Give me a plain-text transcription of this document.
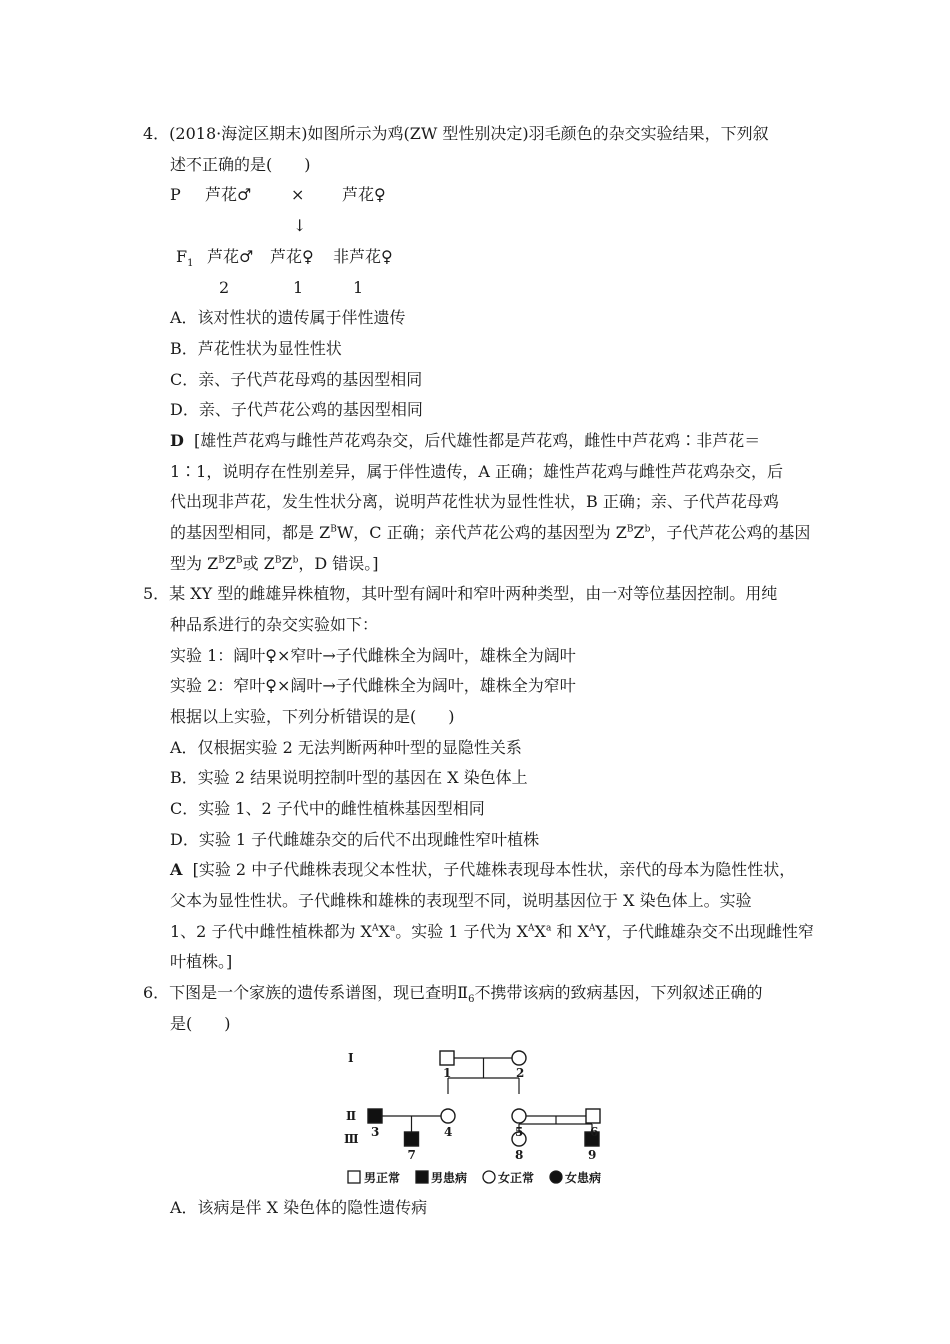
4．(2018·海淀区期末)如图所示为鸡(ZW 型性别决定)羽毛颜色的杂交实验结果，下列叙
述不正确的是(　　)
P 芦花♂ × 芦花♀
↓
$F_1$ 芦花♂ 芦花♀ 非芦花♀
2	1	1
A．该对性状的遗传属于伴性遗传
B．芦花性状为显性性状
C．亲、子代芦花母鸡的基因型相同
D．亲、子代芦花公鸡的基因型相同
D [雄性芦花鸡与雌性芦花鸡杂交，后代雄性都是芦花鸡，雌性中芦花鸡∶非芦花＝
1∶1，说明存在性别差异，属于伴性遗传，A 正确；雄性芦花鸡与雌性芦花鸡杂交，后
代出现非芦花，发生性状分离，说明芦花性状为显性性状，B 正确；亲、子代芦花母鸡
的基因型相同，都是 $Z^BW$，C 正确；亲代芦花公鸡的基因型为 $Z^BZ^b$，子代芦花公鸡的基因
型为 $Z^BZ^B$或 $Z^BZ^b$，D 错误。]
5．某 XY 型的雌雄异株植物，其叶型有阔叶和窄叶两种类型，由一对等位基因控制。用纯
种品系进行的杂交实验如下：
实验 1：阔叶♀×窄叶→子代雌株全为阔叶，雄株全为阔叶
实验 2：窄叶♀×阔叶→子代雌株全为阔叶，雄株全为窄叶
根据以上实验，下列分析错误的是(　　)
A．仅根据实验 2 无法判断两种叶型的显隐性关系
B．实验 2 结果说明控制叶型的基因在 X 染色体上
C．实验 1、2 子代中的雌性植株基因型相同
D．实验 1 子代雌雄杂交的后代不出现雌性窄叶植株
A [实验 2 中子代雌株表现父本性状，子代雄株表现母本性状，亲代的母本为隐性性状，
父本为显性性状。子代雌株和雄株的表现型不同，说明基因位于 X 染色体上。实验
1、2 子代中雌性植株都为 $X^AX^a$。实验 1 子代为 $X^AX^a$ 和 $X^AY$，子代雌雄杂交不出现雌性窄
叶植株。]
6．下图是一个家族的遗传系谱图，现已查明$Ⅱ_6$不携带该病的致病基因，下列叙述正确的
是(　　)
Ⅰ
Ⅱ
Ⅲ
1	2
3	4	5	6
7	8	9
男正常	男患病	女正常	女患病
A．该病是伴 X 染色体的隐性遗传病
